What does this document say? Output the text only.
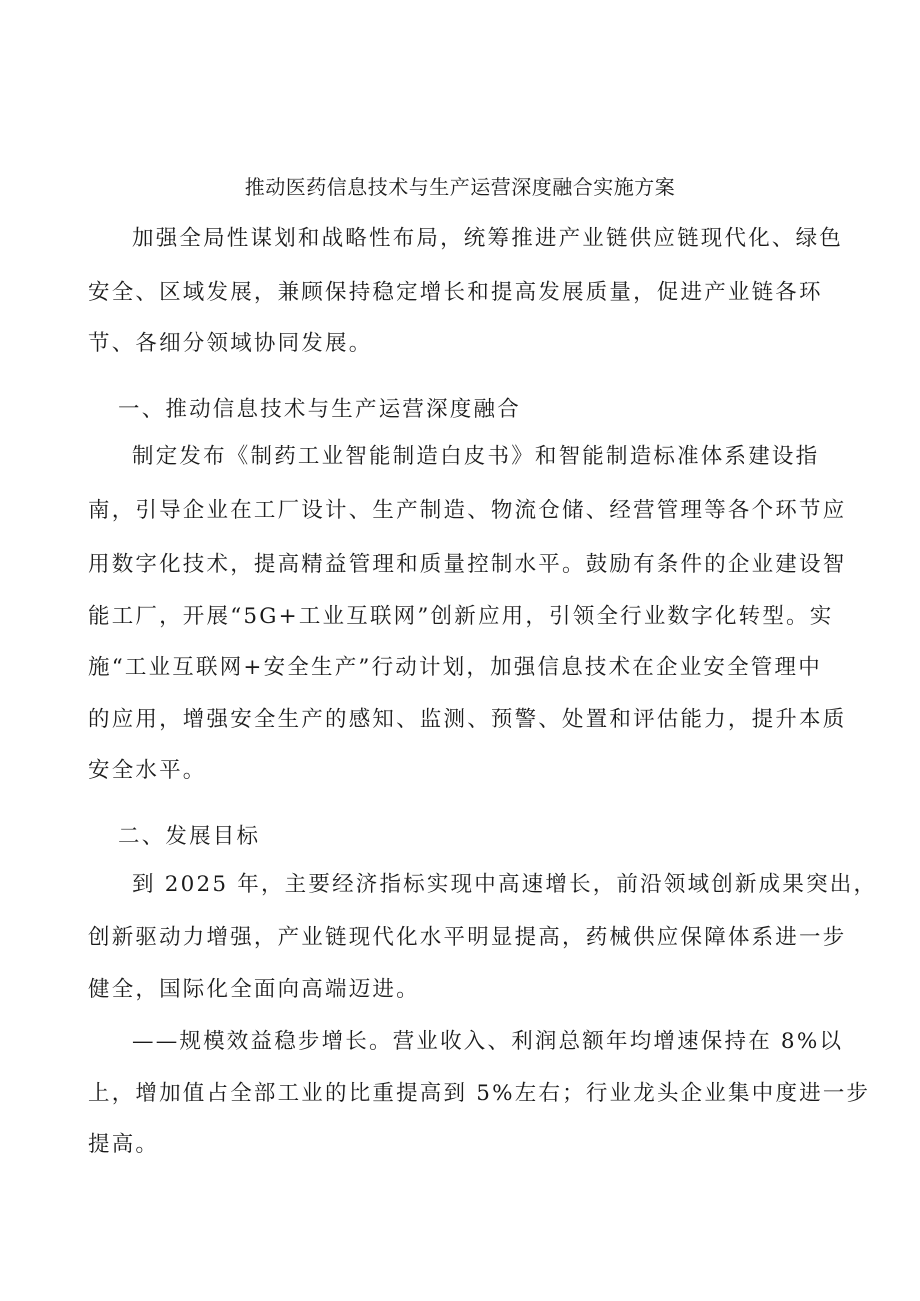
推动医药信息技术与生产运营深度融合实施方案
加强全局性谋划和战略性布局，统筹推进产业链供应链现代化、绿色
安全、区域发展，兼顾保持稳定增长和提高发展质量，促进产业链各环
节、各细分领域协同发展。
一、推动信息技术与生产运营深度融合
制定发布《制药工业智能制造白皮书》和智能制造标准体系建设指
南，引导企业在工厂设计、生产制造、物流仓储、经营管理等各个环节应
用数字化技术，提高精益管理和质量控制水平。鼓励有条件的企业建设智
能工厂，开展“5G+工业互联网”创新应用，引领全行业数字化转型。实
施“工业互联网+安全生产”行动计划，加强信息技术在企业安全管理中
的应用，增强安全生产的感知、监测、预警、处置和评估能力，提升本质
安全水平。
二、发展目标
到 2025 年，主要经济指标实现中高速增长，前沿领域创新成果突出，
创新驱动力增强，产业链现代化水平明显提高，药械供应保障体系进一步
健全，国际化全面向高端迈进。
——规模效益稳步增长。营业收入、利润总额年均增速保持在 8%以
上，增加值占全部工业的比重提高到 5%左右；行业龙头企业集中度进一步
提高。
